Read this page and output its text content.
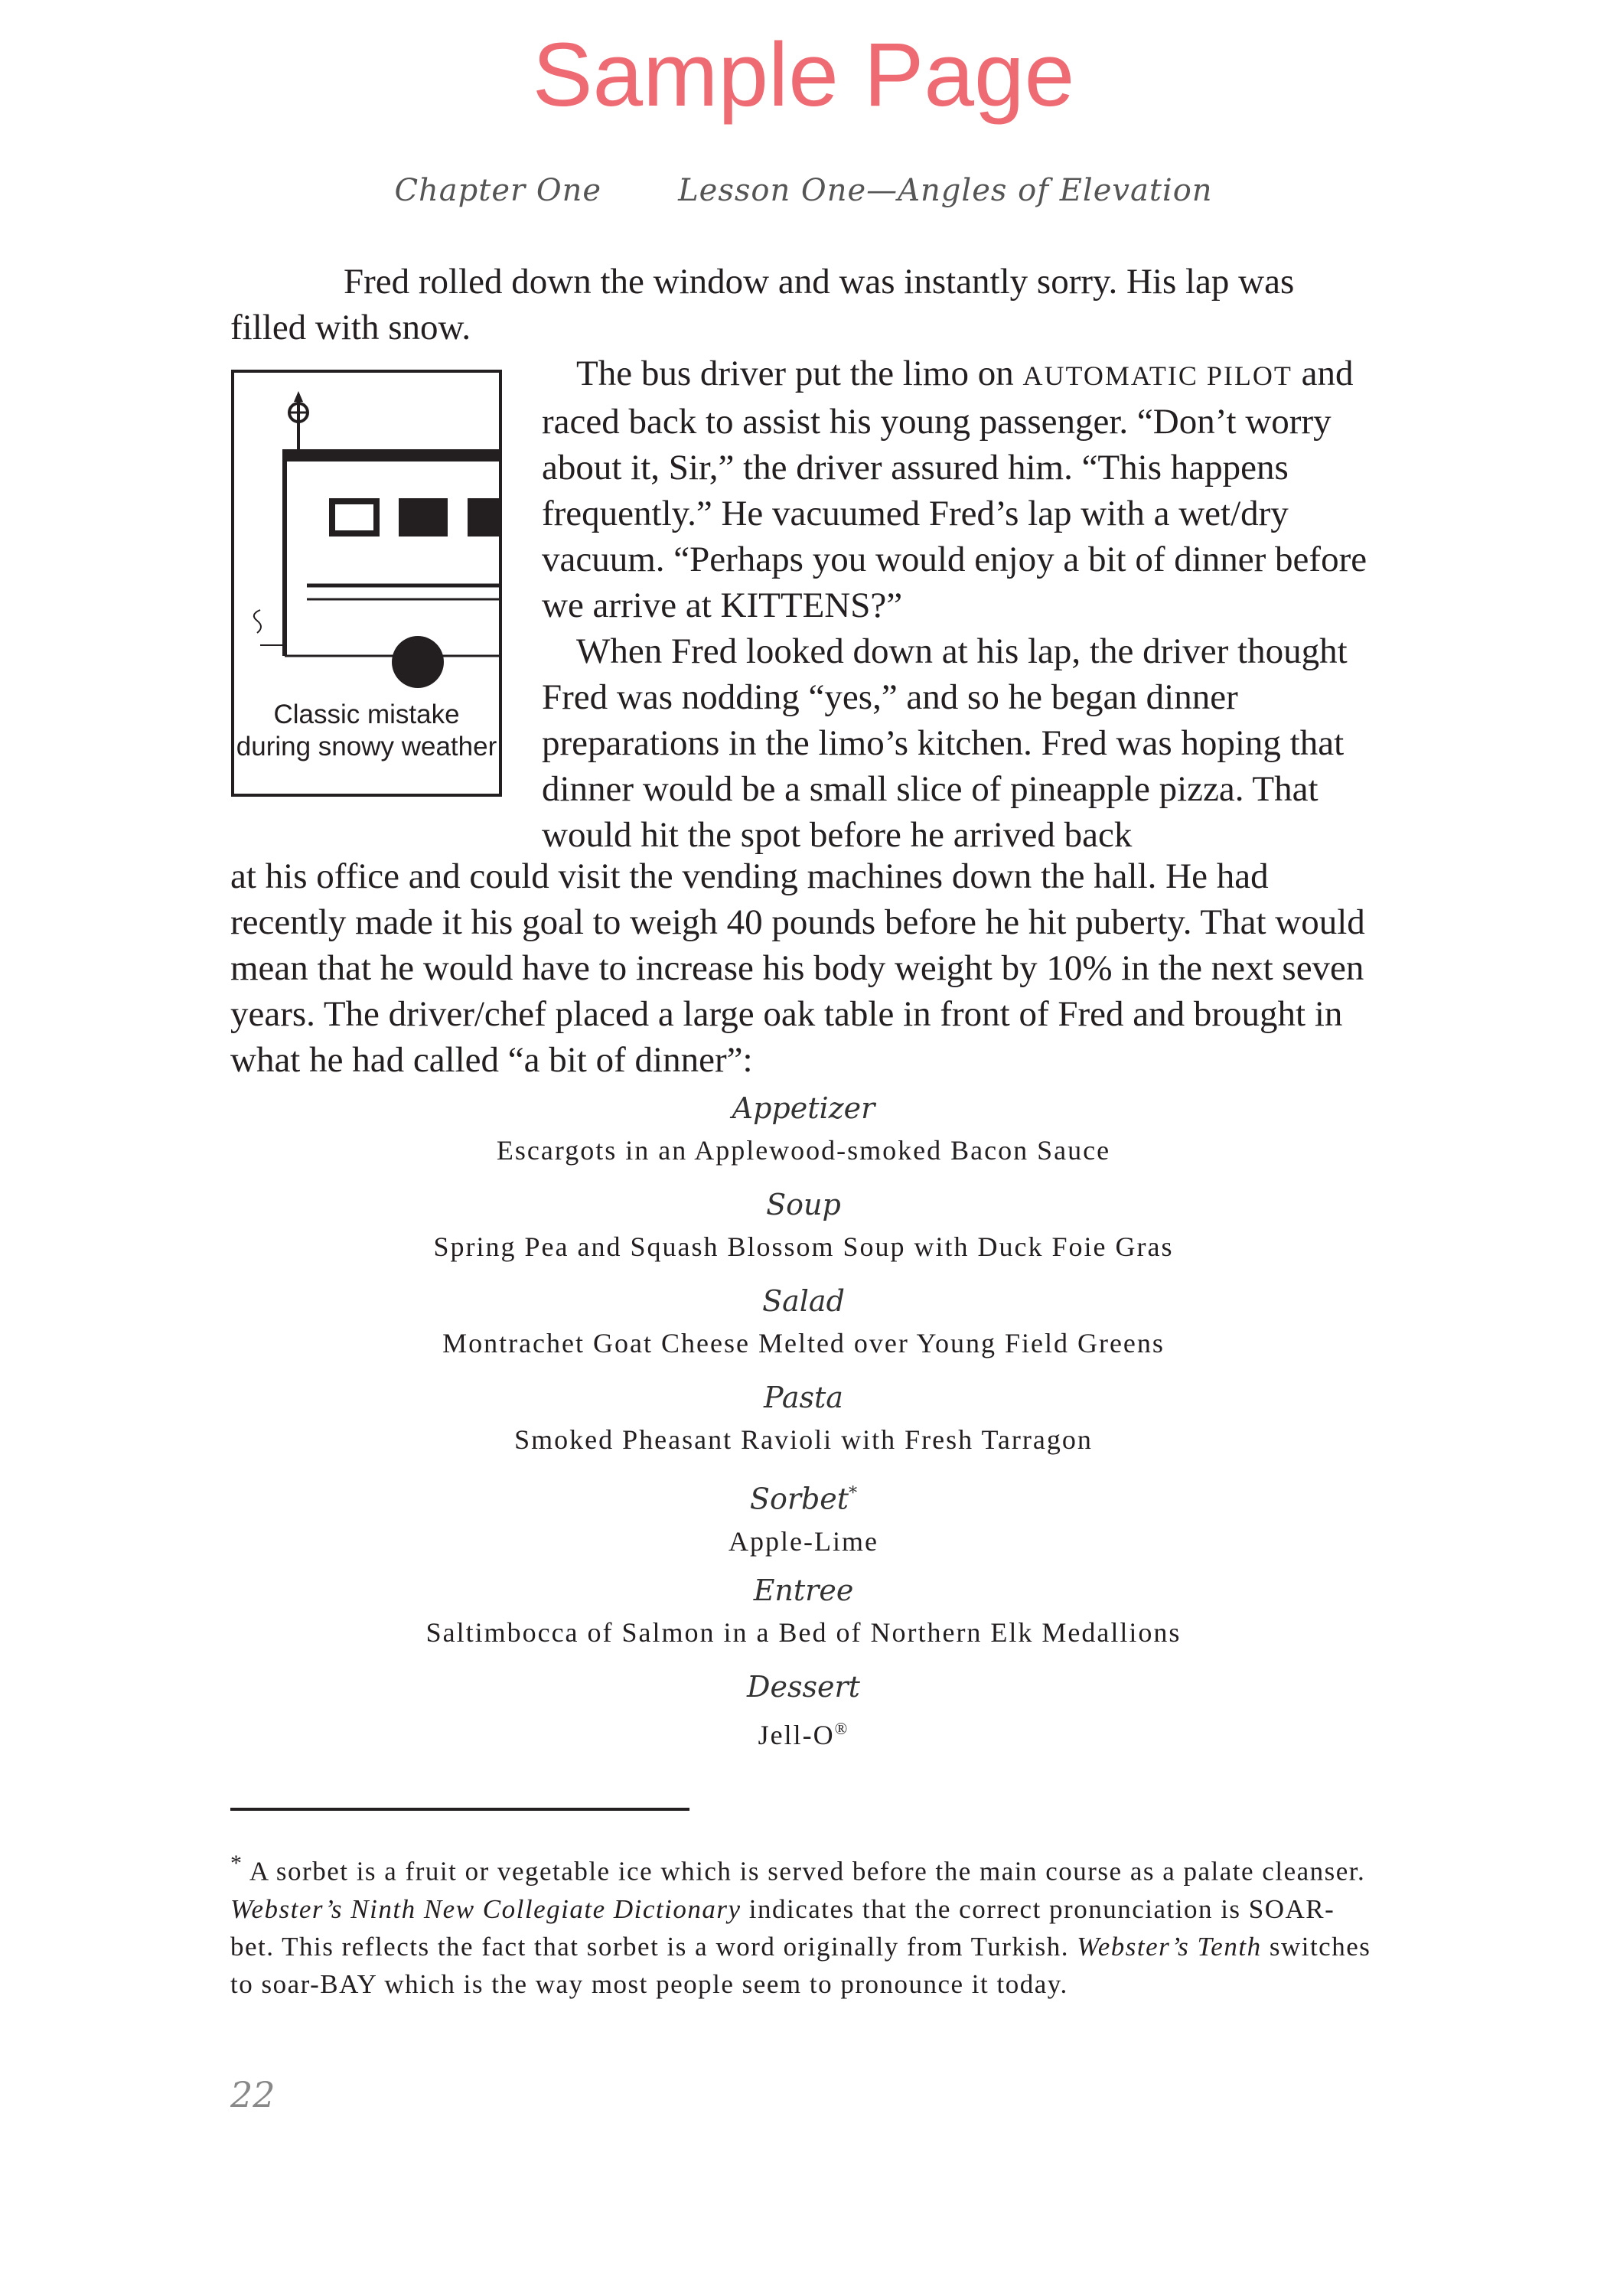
Sample Page
Chapter One	Lesson One—Angles of Elevation
Fred rolled down the window and was instantly sorry. His lap was filled with snow.
Classic mistake during snowy weather
The bus driver put the limo on AUTOMATIC PILOT and raced back to assist his young passenger. “Don’t worry about it, Sir,” the driver assured him. “This happens frequently.” He vacuumed Fred’s lap with a wet/dry vacuum. “Perhaps you would enjoy a bit of dinner before we arrive at KITTENS?”
When Fred looked down at his lap, the driver thought Fred was nodding “yes,” and so he began dinner preparations in the limo’s kitchen. Fred was hoping that dinner would be a small slice of pineapple pizza. That would hit the spot before he arrived back
at his office and could visit the vending machines down the hall. He had recently made it his goal to weigh 40 pounds before he hit puberty. That would mean that he would have to increase his body weight by 10% in the next seven years. The driver/chef placed a large oak table in front of Fred and brought in what he had called “a bit of dinner”:
Appetizer
Escargots in an Applewood-smoked Bacon Sauce
Soup
Spring Pea and Squash Blossom Soup with Duck Foie Gras
Salad
Montrachet Goat Cheese Melted over Young Field Greens
Pasta
Smoked Pheasant Ravioli with Fresh Tarragon
Sorbet*
Apple-Lime
Entree
Saltimbocca of Salmon in a Bed of Northern Elk Medallions
Dessert
Jell-O®
* A sorbet is a fruit or vegetable ice which is served before the main course as a palate cleanser. Webster’s Ninth New Collegiate Dictionary indicates that the correct pronunciation is SOAR-bet. This reflects the fact that sorbet is a word originally from Turkish. Webster’s Tenth switches to soar-BAY which is the way most people seem to pronounce it today.
22
